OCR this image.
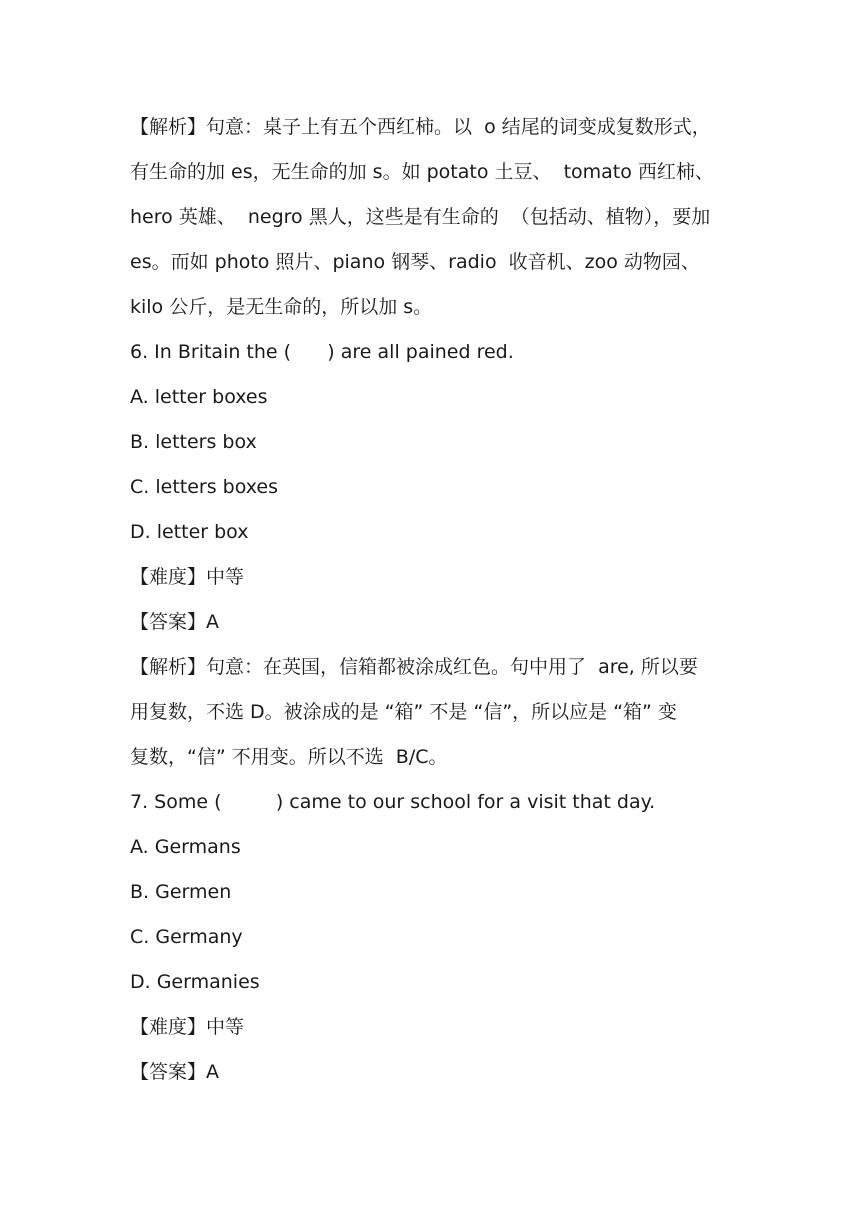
【解析】句意：桌子上有五个西红柿。以  o 结尾的词变成复数形式，
有生命的加 es，无生命的加 s。如 potato 土豆、  tomato 西红柿、
hero 英雄、  negro 黑人，这些是有生命的  （包括动、植物），要加
es。而如 photo 照片、piano 钢琴、radio  收音机、zoo 动物园、
kilo 公斤，是无生命的，所以加 s。
6. In Britain the (      ) are all pained red.
A. letter boxes
B. letters box
C. letters boxes
D. letter box
【难度】中等
【答案】A
【解析】句意：在英国，信箱都被涂成红色。句中用了  are, 所以要
用复数，不选 D。被涂成的是 “箱” 不是 “信”，所以应是 “箱” 变
复数，“信” 不用变。所以不选  B/C。
7. Some (         ) came to our school for a visit that day.
A. Germans
B. Germen
C. Germany
D. Germanies
【难度】中等
【答案】A
